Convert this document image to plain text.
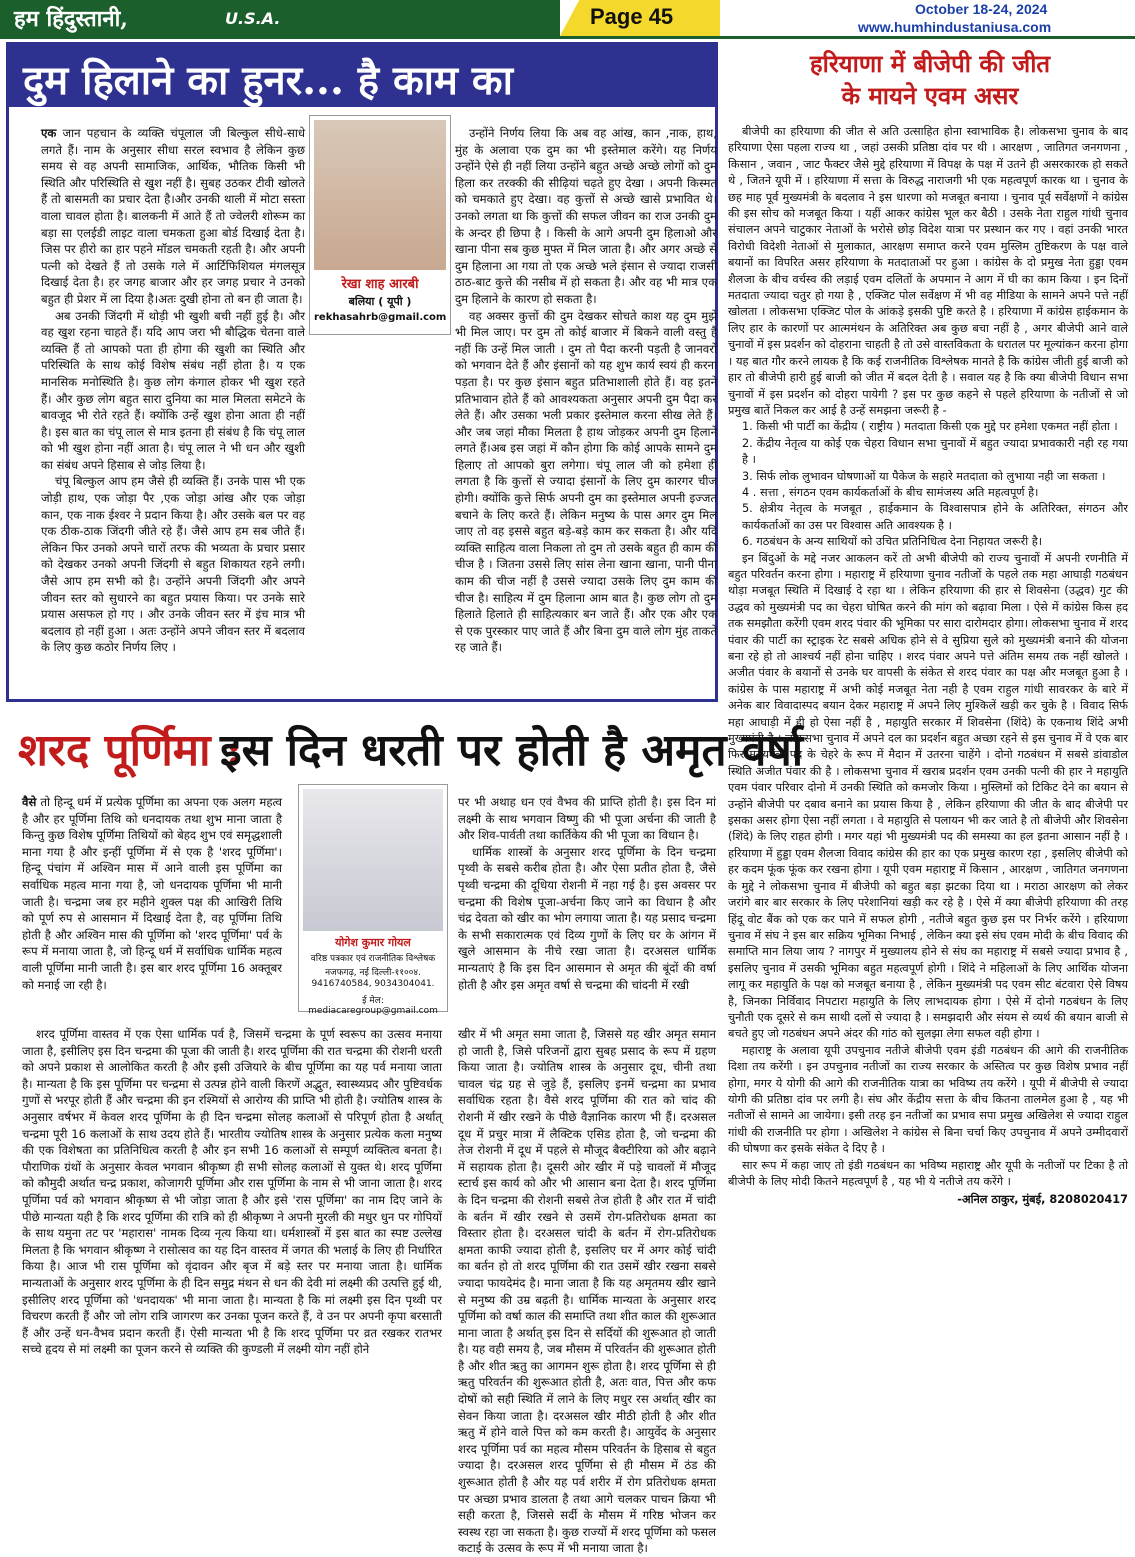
हम हिंदुस्तानी,	U.S.A.	Page 45	October 18-24, 2024
www.humhindustaniusa.com
दुम हिलाने का हुनर... है काम का

एक जान पहचान के व्यक्ति चंपूलाल जी बिल्कुल सीधे-साधे लगते हैं। नाम के अनुसार सीधा सरल स्वभाव है लेकिन कुछ समय से वह अपनी सामाजिक, आर्थिक, भौतिक किसी भी स्थिति और परिस्थिति से खुश नहीं है। सुबह उठकर टीवी खोलते हैं तो बासमती का प्रचार देता है।और उनकी थाली में मोटा सस्ता वाला चावल होता है। बालकनी में आते हैं तो ज्वेलरी शोरूम का बड़ा सा एलईडी लाइट वाला चमकता हुआ बोर्ड दिखाई देता है। जिस पर हीरो का हार पहने मॉडल चमकती रहती है। और अपनी पत्नी को देखते हैं तो उसके गले में आर्टिफिशियल मंगलसूत्र दिखाई देता है। हर जगह बाजार और हर जगह प्रचार ने उनको बहुत ही प्रेशर में ला दिया है।अतः दुखी होना तो बन ही जाता है।

अब उनकी जिंदगी में थोड़ी भी खुशी बची नहीं हुई है। और वह खुश रहना चाहते हैं। यदि आप जरा भी बौद्धिक चेतना वाले व्यक्ति हैं तो आपको पता ही होगा की खुशी का स्थिति और परिस्थिति के साथ कोई विशेष संबंध नहीं होता है। य एक मानसिक मनोस्थिति है। कुछ लोग कंगाल होकर भी खुश रहते हैं। और कुछ लोग बहुत सारा दुनिया का माल मिलता समेटने के बावजूद भी रोते रहते हैं। क्योंकि उन्हें खुश होना आता ही नहीं है। इस बात का चंपू लाल से मात्र इतना ही संबंध है कि चंपू लाल को भी खुश होना नहीं आता है। चंपू लाल ने भी धन और खुशी का संबंध अपने हिसाब से जोड़ लिया है।

चंपू बिल्कुल आप हम जैसे ही व्यक्ति हैं। उनके पास भी एक जोड़ी हाथ, एक जोड़ा पैर ,एक जोड़ा आंख और एक जोड़ा कान, एक नाक ईश्वर ने प्रदान किया है। और उसके बल पर वह एक ठीक-ठाक जिंदगी जीते रहे हैं। जैसे आप हम सब जीते हैं। लेकिन फिर उनको अपने चारों तरफ की भव्यता के प्रचार प्रसार को देखकर उनको अपनी जिंदगी से बहुत शिकायत रहने लगी। जैसे आप हम सभी को है। उन्होंने अपनी जिंदगी और अपने जीवन स्तर को सुधारने का बहुत प्रयास किया। पर उनके सारे प्रयास असफल हो गए । और उनके जीवन स्तर में इंच मात्र भी बदलाव हो नहीं हुआ । अतः उन्होंने अपने जीवन स्तर में बदलाव के लिए कुछ कठोर निर्णय लिए ।

रेखा शाह आरबी
बलिया ( यूपी )
rekhasahrb@gmail.com

उन्होंने निर्णय लिया कि अब वह आंख, कान ,नाक, हाथ, मुंह के अलावा एक दुम का भी इस्तेमाल करेंगे। यह निर्णय उन्होंने ऐसे ही नहीं लिया उन्होंने बहुत अच्छे अच्छे लोगों को दुम हिला कर तरक्की की सीढ़ियां चढ़ते हुए देखा । अपनी किस्मत को चमकाते हुए देखा। वह कुत्तों से अच्छे खासे प्रभावित थे। उनको लगता था कि कुत्तों की सफल जीवन का राज उनकी दुम के अन्दर ही छिपा है । किसी के आगे अपनी दुम हिलाओ और खाना पीना सब कुछ मुफ्त में मिल जाता है। और अगर अच्छे से दुम हिलाना आ गया तो एक अच्छे भले इंसान से ज्यादा राजसी ठाठ-बाट कुत्ते की नसीब में हो सकता है। और वह भी मात्र एक दुम हिलाने के कारण हो सकता है।

वह अक्सर कुत्तों की दुम देखकर सोचते काश यह दुम मुझे भी मिल जाए। पर दुम तो कोई बाजार में बिकने वाली वस्तु है नहीं कि उन्हें मिल जाती । दुम तो पैदा करनी पड़ती है जानवरों को भगवान देते हैं और इंसानों को यह शुभ कार्य स्वयं ही करना पड़ता है। पर कुछ इंसान बहुत प्रतिभाशाली होते हैं। वह इतने प्रतिभावान होते हैं को आवश्यकता अनुसार अपनी दुम पैदा कर लेते हैं। और उसका भली प्रकार इस्तेमाल करना सीख लेते हैं। और जब जहां मौका मिलता है हाथ जोड़कर अपनी दुम हिलाने लगते हैं।अब इस जहां में कौन होगा कि कोई आपके सामने दुम हिलाए तो आपको बुरा लगेगा। चंपू लाल जी को हमेशा ही लगता है कि कुत्तों से ज्यादा इंसानों के लिए दुम कारगर चीज होगी। क्योंकि कुत्ते सिर्फ अपनी दुम का इस्तेमाल अपनी इज्जत बचाने के लिए करते हैं। लेकिन मनुष्य के पास अगर दुम मिल जाए तो वह इससे बहुत बड़े-बड़े काम कर सकता है। और यदि व्यक्ति साहित्य वाला निकला तो दुम तो उसके बहुत ही काम की चीज है । जितना उससे लिए सांस लेना खाना खाना, पानी पीना काम की चीज नहीं है उससे ज्यादा उसके लिए दुम काम की चीज है। साहित्य में दुम हिलाना आम बात है। कुछ लोग तो दुम हिलाते हिलाते ही साहित्यकार बन जाते हैं। और एक और एक से एक पुरस्कार पाए जाते हैं और बिना दुम वाले लोग मुंह ताकते रह जाते हैं।

शरद पूर्णिमा :
इस दिन धरती पर होती है अमृत वर्षा

वैसे तो हिन्दू धर्म में प्रत्येक पूर्णिमा का अपना एक अलग महत्व है और हर पूर्णिमा तिथि को धनदायक तथा शुभ माना जाता है किन्तु कुछ विशेष पूर्णिमा तिथियों को बेहद शुभ एवं समृद्धशाली माना गया है और इन्हीं पूर्णिमा में से एक है 'शरद पूर्णिमा'। हिन्दू पंचांग में अश्विन मास में आने वाली इस पूर्णिमा का सर्वाधिक महत्व माना गया है, जो धनदायक पूर्णिमा भी मानी जाती है। चन्द्रमा जब हर महीने शुक्ल पक्ष की आखिरी तिथि को पूर्ण रुप से आसमान में दिखाई देता है, वह पूर्णिमा तिथि होती है और अश्विन मास की पूर्णिमा को 'शरद पूर्णिमा' पर्व के रूप में मनाया जाता है, जो हिन्दू धर्म में सर्वाधिक धार्मिक महत्व वाली पूर्णिमा मानी जाती है। इस बार शरद पूर्णिमा 16 अक्तूबर को मनाई जा रही है।

योगेश कुमार गोयल
वरिष्ठ पत्रकार एवं राजनीतिक विश्लेषक
नजफगढ़, नई दिल्ली-११००४.
9416740584, 9034304041.
ई मेल: mediacaregroup@gmail.com

पर भी अथाह धन एवं वैभव की प्राप्ति होती है। इस दिन मां लक्ष्मी के साथ भगवान विष्णु की भी पूजा अर्चना की जाती है और शिव-पार्वती तथा कार्तिकेय की भी पूजा का विधान है।

धार्मिक शास्त्रों के अनुसार शरद पूर्णिमा के दिन चन्द्रमा पृथ्वी के सबसे करीब होता है। और ऐसा प्रतीत होता है, जैसे पृथ्वी चन्द्रमा की दूधिया रोशनी में नहा गई है। इस अवसर पर चन्द्रमा की विशेष पूजा-अर्चना किए जाने का विधान है और चंद्र देवता को खीर का भोग लगाया जाता है। यह प्रसाद चन्द्रमा के सभी सकारात्मक एवं दिव्य गुणों के लिए घर के आंगन में खुले आसमान के नीचे रखा जाता है। दरअसल धार्मिक मान्यताएं है कि इस दिन आसमान से अमृत की बूंदों की वर्षा होती है और इस अमृत वर्षा से चन्द्रमा की चांदनी में रखी

शरद पूर्णिमा वास्तव में एक ऐसा धार्मिक पर्व है, जिसमें चन्द्रमा के पूर्ण स्वरूप का उत्सव मनाया जाता है, इसीलिए इस दिन चन्द्रमा की पूजा की जाती है। शरद पूर्णिमा की रात चन्द्रमा की रोशनी धरती को अपने प्रकाश से आलोकित करती है और इसी उजियारे के बीच पूर्णिमा का यह पर्व मनाया जाता है। मान्यता है कि इस पूर्णिमा पर चन्द्रमा से उत्पन्न होने वाली किरणें अद्भुत, स्वास्थ्यप्रद और पुष्टिवर्धक गुणों से भरपूर होती हैं और चन्द्रमा की इन रश्मियों से आरोग्य की प्राप्ति भी होती है। ज्योतिष शास्त्र के अनुसार वर्षभर में केवल शरद पूर्णिमा के ही दिन चन्द्रमा सोलह कलाओं से परिपूर्ण होता है अर्थात् चन्द्रमा पूरी 16 कलाओं के साथ उदय होते हैं। भारतीय ज्योतिष शास्त्र के अनुसार प्रत्येक कला मनुष्य की एक विशेषता का प्रतिनिधित्व करती है और इन सभी 16 कलाओं से सम्पूर्ण व्यक्तित्व बनता है। पौराणिक ग्रंथों के अनुसार केवल भगवान श्रीकृष्ण ही सभी सोलह कलाओं से युक्त थे। शरद पूर्णिमा को कौमुदी अर्थात चन्द्र प्रकाश, कोजागरी पूर्णिमा और रास पूर्णिमा के नाम से भी जाना जाता है। शरद पूर्णिमा पर्व को भगवान श्रीकृष्ण से भी जोड़ा जाता है और इसे 'रास पूर्णिमा' का नाम दिए जाने के पीछे मान्यता यही है कि शरद पूर्णिमा की रात्रि को ही श्रीकृष्ण ने अपनी मुरली की मधुर धुन पर गोपियों के साथ यमुना तट पर 'महारास' नामक दिव्य नृत्य किया था। धर्मशास्त्रों में इस बात का स्पष्ट उल्लेख मिलता है कि भगवान श्रीकृष्ण ने रासोत्सव का यह दिन वास्तव में जगत की भलाई के लिए ही निर्धारित किया है। आज भी रास पूर्णिमा को वृंदावन और बृज में बड़े स्तर पर मनाया जाता है। धार्मिक मान्यताओं के अनुसार शरद पूर्णिमा के ही दिन समुद्र मंथन से धन की देवी मां लक्ष्मी की उत्पत्ति हुई थी, इसीलिए शरद पूर्णिमा को 'धनदायक' भी माना जाता है। मान्यता है कि मां लक्ष्मी इस दिन पृथ्वी पर विचरण करती हैं और जो लोग रात्रि जागरण कर उनका पूजन करते हैं, वे उन पर अपनी कृपा बरसाती हैं और उन्हें धन-वैभव प्रदान करती हैं। ऐसी मान्यता भी है कि शरद पूर्णिमा पर व्रत रखकर रातभर सच्चे हृदय से मां लक्ष्मी का पूजन करने से व्यक्ति की कुण्डली में लक्ष्मी योग नहीं होने

खीर में भी अमृत समा जाता है, जिससे यह खीर अमृत समान हो जाती है, जिसे परिजनों द्वारा सुबह प्रसाद के रूप में ग्रहण किया जाता है। ज्योतिष शास्त्र के अनुसार दूध, चीनी तथा चावल चंद्र ग्रह से जुड़े हैं, इसलिए इनमें चन्द्रमा का प्रभाव सर्वाधिक रहता है। वैसे शरद पूर्णिमा की रात को चांद की रोशनी में खीर रखने के पीछे वैज्ञानिक कारण भी हैं। दरअसल दूध में प्रचुर मात्रा में लैक्टिक एसिड होता है, जो चन्द्रमा की तेज रोशनी में दूध में पहले से मौजूद बैक्टीरिया को और बढ़ाने में सहायक होता है। दूसरी ओर खीर में पड़े चावलों में मौजूद स्टार्च इस कार्य को और भी आसान बना देता है। शरद पूर्णिमा के दिन चन्द्रमा की रोशनी सबसे तेज होती है और रात में चांदी के बर्तन में खीर रखने से उसमें रोग-प्रतिरोधक क्षमता का विस्तार होता है। दरअसल चांदी के बर्तन में रोग-प्रतिरोधक क्षमता काफी ज्यादा होती है, इसलिए घर में अगर कोई चांदी का बर्तन हो तो शरद पूर्णिमा की रात उसमें खीर रखना सबसे ज्यादा फायदेमंद है। माना जाता है कि यह अमृतमय खीर खाने से मनुष्य की उम्र बढ़ती है। धार्मिक मान्यता के अनुसार शरद पूर्णिमा को वर्षा काल की समाप्ति तथा शीत काल की शुरूआत माना जाता है अर्थात् इस दिन से सर्दियों की शुरूआत हो जाती है। यह वही समय है, जब मौसम में परिवर्तन की शुरूआत होती है और शीत ऋतु का आगमन शुरू होता है। शरद पूर्णिमा से ही ऋतु परिवर्तन की शुरूआत होती है, अतः वात, पित्त और कफ दोषों को सही स्थिति में लाने के लिए मधुर रस अर्थात् खीर का सेवन किया जाता है। दरअसल खीर मीठी होती है और शीत ऋतु में होने वाले पित्त को कम करती है। आयुर्वेद के अनुसार शरद पूर्णिमा पर्व का महत्व मौसम परिवर्तन के हिसाब से बहुत ज्यादा है। दरअसल शरद पूर्णिमा से ही मौसम में ठंड की शुरूआत होती है और यह पर्व शरीर में रोग प्रतिरोधक क्षमता पर अच्छा प्रभाव डालता है तथा आगे चलकर पाचन क्रिया भी सही करता है, जिससे सर्दी के मौसम में गरिष्ठ भोजन कर स्वस्थ रहा जा सकता है। कुछ राज्यों में शरद पूर्णिमा को फसल कटाई के उत्सव के रूप में भी मनाया जाता है।

हरियाणा में बीजेपी की जीत
के मायने एवम असर

बीजेपी का हरियाणा की जीत से अति उत्साहित होना स्वाभाविक है। लोकसभा चुनाव के बाद हरियाणा ऐसा पहला राज्य था , जहां उसकी प्रतिष्ठा दांव पर थी । आरक्षण , जातिगत जनगणना , किसान , जवान , जाट फैक्टर जैसे मुद्दे हरियाणा में विपक्ष के पक्ष में उतने ही असरकारक हो सकते थे , जितने यूपी में । हरियाणा में सत्ता के विरुद्ध नाराजगी भी एक महत्वपूर्ण कारक था । चुनाव के छह माह पूर्व मुख्यमंत्री के बदलाव ने इस धारणा को मजबूत बनाया । चुनाव पूर्व सर्वेक्षणों ने कांग्रेस की इस सोच को मजबूत किया । यहीं आकर कांग्रेस भूल कर बैठी । उसके नेता राहुल गांधी चुनाव संचालन अपने चाटुकार नेताओं के भरोसे छोड़ विदेश यात्रा पर प्रस्थान कर गए । वहां उनकी भारत विरोधी विदेशी नेताओं से मुलाकात, आरक्षण समाप्त करने एवम मुस्लिम तुष्टिकरण के पक्ष वाले बयानों का विपरित असर हरियाणा के मतदाताओं पर हुआ । कांग्रेस के दो प्रमुख नेता हुड्डा एवम शैलजा के बीच वर्चस्व की लड़ाई एवम दलितों के अपमान ने आग में घी का काम किया । इन दिनों मतदाता ज्यादा चतुर हो गया है , एक्जिट पोल सर्वेक्षण में भी वह मीडिया के सामने अपने पत्ते नहीं खोलता । लोकसभा एक्जिट पोल के आंकड़े इसकी पुष्टि करते है । हरियाणा में कांग्रेस हाईकमान के लिए हार के कारणों पर आत्ममंथन के अतिरिक्त अब कुछ बचा नहीं है , अगर बीजेपी आने वाले चुनावों में इस प्रदर्शन को दोहराना चाहती है तो उसे वास्तविकता के धरातल पर मूल्यांकन करना होगा । यह बात गौर करने लायक है कि कई राजनीतिक विश्लेषक मानते है कि कांग्रेस जीती हुई बाजी को हार तो बीजेपी हारी हुई बाजी को जीत में बदल देती है । सवाल यह है कि क्या बीजेपी विधान सभा चुनावों में इस प्रदर्शन को दोहरा पायेगी ? इस पर कुछ कहने से पहले हरियाणा के नतीजों से जो प्रमुख बातें निकल कर आई है उन्हें समझना जरूरी है -

1. किसी भी पार्टी का केंद्रीय ( राष्ट्रीय ) मतदाता किसी एक मुद्दे पर हमेशा एकमत नहीं होता ।

2. केंद्रीय नेतृत्व या कोई एक चेहरा विधान सभा चुनावों में बहुत ज्यादा प्रभावकारी नही रह गया है ।

3. सिर्फ लोक लुभावन घोषणाओं या पैकेज के सहारे मतदाता को लुभाया नही जा सकता ।

4 . सत्ता , संगठन एवम कार्यकर्ताओं के बीच सामंजस्य अति महत्वपूर्ण है।

5. क्षेत्रीय नेतृत्व के मजबूत , हाईकमान के विश्वासपात्र होने के अतिरिक्त, संगठन और कार्यकर्ताओं का उस पर विश्वास अति आवश्यक है ।

6. गठबंधन के अन्य साथियों को उचित प्रतिनिधित्व देना निहायत जरूरी है।

इन बिंदुओं के मद्दे नजर आकलन करें तो अभी बीजेपी को राज्य चुनावों में अपनी रणनीति में बहुत परिवर्तन करना होगा । महाराष्ट्र में हरियाणा चुनाव नतीजों के पहले तक महा आघाड़ी गठबंधन थोड़ा मजबूत स्थिति में दिखाई दे रहा था । लेकिन हरियाणा की हार से शिवसेना (उद्धव) गुट की उद्धव को मुख्यमंत्री पद का चेहरा घोषित करने की मांग को बढ़ावा मिला । ऐसे में कांग्रेस किस हद तक समझौता करेंगी एवम शरद पंवार की भूमिका पर सारा दारोमदार होगा। लोकसभा चुनाव में शरद पंवार की पार्टी का स्ट्राइक रेट सबसे अधिक होने से वे सुप्रिया सुले को मुख्यमंत्री बनाने की योजना बना रहे हो तो आश्चर्य नहीं होना चाहिए । शरद पंवार अपने पत्ते अंतिम समय तक नहीं खोलते । अजीत पंवार के बयानों से उनके घर वापसी के संकेत से शरद पंवार का पक्ष और मजबूत हुआ है । कांग्रेस के पास महाराष्ट्र में अभी कोई मजबूत नेता नही है एवम राहुल गांधी सावरकर के बारे में अनेक बार विवादास्पद बयान देकर महाराष्ट्र में अपने लिए मुश्किलें खड़ी कर चुके है । विवाद सिर्फ महा आघाड़ी में ही हो ऐसा नहीं है , महायुति सरकार में शिवसेना (शिंदे) के एकनाथ शिंदे अभी मुख्यमंत्री है । लोकसभा चुनाव में अपने दल का प्रदर्शन बहुत अच्छा रहने से इस चुनाव में वे एक बार फिर मुख्यमंत्री पद के चेहरे के रूप में मैदान में उतरना चाहेंगे । दोनो गठबंधन में सबसे डांवाडोल स्थिति अजीत पंवार की है । लोकसभा चुनाव में खराब प्रदर्शन एवम उनकी पत्नी की हार ने महायुति एवम पंवार परिवार दोनो में उनकी स्थिति को कमजोर किया । मुस्लिमों को टिकिट देने का बयान से उन्होंने बीजेपी पर दबाव बनाने का प्रयास किया है , लेकिन हरियाणा की जीत के बाद बीजेपी पर इसका असर होगा ऐसा नहीं लगता । वे महायुति से पलायन भी कर जाते है तो बीजेपी और शिवसेना (शिंदे) के लिए राहत होगी । मगर यहां भी मुख्यमंत्री पद की समस्या का हल इतना आसान नहीं है । हरियाणा में हुड्डा एवम शैलजा विवाद कांग्रेस की हार का एक प्रमुख कारण रहा , इसलिए बीजेपी को हर कदम फूंक फूंक कर रखना होगा । यूपी एवम महाराष्ट्र में किसान , आरक्षण , जातिगत जनगणना के मुद्दे ने लोकसभा चुनाव में बीजेपी को बहुत बड़ा झटका दिया था । मराठा आरक्षण को लेकर जरांगे बार बार सरकार के लिए परेशानियां खड़ी कर रहे है । ऐसे में क्या बीजेपी हरियाणा की तरह हिंदू वोट बैंक को एक कर पाने में सफल होगी , नतीजे बहुत कुछ इस पर निर्भर करेंगे । हरियाणा चुनाव में संघ ने इस बार सक्रिय भूमिका निभाई , लेकिन क्या इसे संघ एवम मोदी के बीच विवाद की समाप्ति मान लिया जाय ? नागपुर में मुख्यालय होने से संघ का महाराष्ट्र में सबसे ज्यादा प्रभाव है , इसलिए चुनाव में उसकी भूमिका बहुत महत्वपूर्ण होगी । शिंदे ने महिलाओं के लिए आर्थिक योजना लागू कर महायुति के पक्ष को मजबूत बनाया है , लेकिन मुख्यमंत्री पद एवम सीट बंटवारा ऐसे विषय है, जिनका निर्विवाद निपटारा महायुति के लिए लाभदायक होगा । ऐसे में दोनो गठबंधन के लिए चुनौती एक दूसरे से कम साथी दलों से ज्यादा है । समझदारी और संयम से व्यर्थ की बयान बाजी से बचते हुए जो गठबंधन अपने अंदर की गांठ को सुलझा लेगा सफल वही होगा ।

महाराष्ट्र के अलावा यूपी उपचुनाव नतीजे बीजेपी एवम इंडी गठबंधन की आगे की राजनीतिक दिशा तय करेंगी । इन उपचुनाव नतीजों का राज्य सरकार के अस्तित्व पर कुछ विशेष प्रभाव नहीं होगा, मगर ये योगी की आगे की राजनीतिक यात्रा का भविष्य तय करेंगे । यूपी में बीजेपी से ज्यादा योगी की प्रतिष्ठा दांव पर लगी है। संघ और केंद्रीय सत्ता के बीच कितना तालमेल हुआ है , यह भी नतीजों से सामने आ जायेगा। इसी तरह इन नतीजों का प्रभाव सपा प्रमुख अखिलेश से ज्यादा राहुल गांधी की राजनीति पर होगा । अखिलेश ने कांग्रेस से बिना चर्चा किए उपचुनाव में अपने उम्मीदवारों की घोषणा कर इसके संकेत दे दिए है ।

सार रूप में कहा जाए तो इंडी गठबंधन का भविष्य महाराष्ट्र और यूपी के नतीजों पर टिका है तो बीजेपी के लिए मोदी कितने महत्वपूर्ण है , यह भी ये नतीजे तय करेंगे ।

-अनिल ठाकुर, मुंबई, 8208020417
